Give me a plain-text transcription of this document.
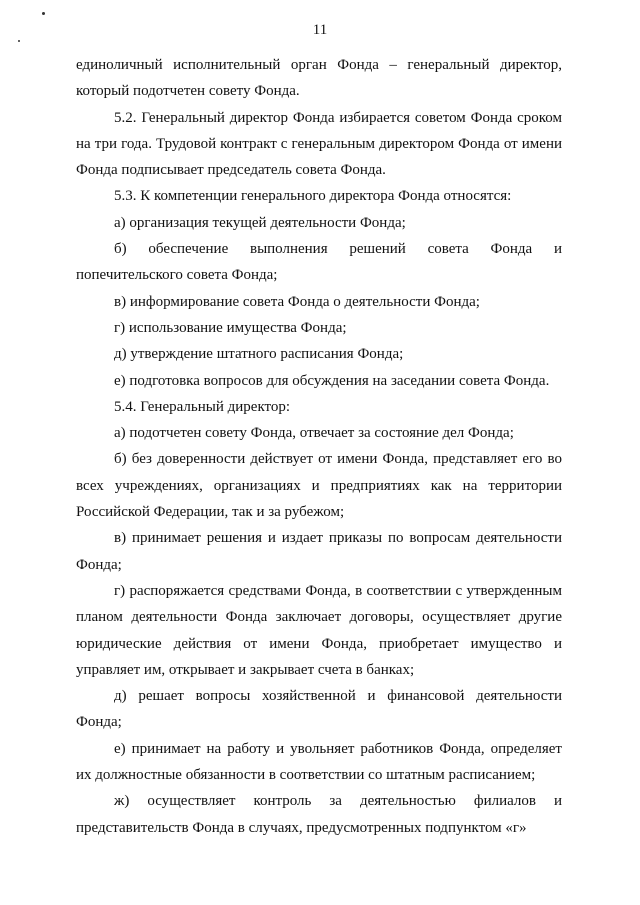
11

единоличный исполнительный орган Фонда – генеральный директор, который подотчетен совету Фонда.

5.2. Генеральный директор Фонда избирается советом Фонда сроком на три года. Трудовой контракт с генеральным директором Фонда от имени Фонда подписывает председатель совета Фонда.

5.3. К компетенции генерального директора Фонда относятся:

а) организация текущей деятельности Фонда;

б) обеспечение выполнения решений совета Фонда и попечительского совета Фонда;

в) информирование совета Фонда о деятельности Фонда;

г) использование имущества Фонда;

д) утверждение штатного расписания Фонда;

е) подготовка вопросов для обсуждения на заседании совета Фонда.

5.4. Генеральный директор:

а) подотчетен совету Фонда, отвечает за состояние дел Фонда;

б) без доверенности действует от имени Фонда, представляет его во всех учреждениях, организациях и предприятиях как на территории Российской Федерации, так и за рубежом;

в) принимает решения и издает приказы по вопросам деятельности Фонда;

г) распоряжается средствами Фонда, в соответствии с утвержденным планом деятельности Фонда заключает договоры, осуществляет другие юридические действия от имени Фонда, приобретает имущество и управляет им, открывает и закрывает счета в банках;

д) решает вопросы хозяйственной и финансовой деятельности Фонда;

е) принимает на работу и увольняет работников Фонда, определяет их должностные обязанности в соответствии со штатным расписанием;

ж) осуществляет контроль за деятельностью филиалов и представительств Фонда в случаях, предусмотренных подпунктом «г»
